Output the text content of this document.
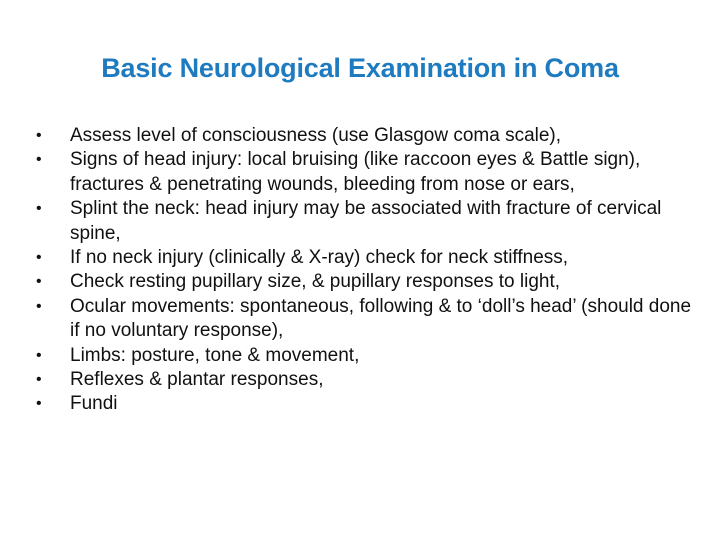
Basic Neurological Examination in Coma
•	Assess level of consciousness (use Glasgow coma scale),
•	Signs of head injury: local bruising (like raccoon eyes & Battle sign), fractures & penetrating wounds, bleeding from nose or ears,
•	Splint the neck: head injury may be associated with fracture of cervical spine,
•	If no neck injury (clinically & X-ray) check for neck stiffness,
•	Check resting pupillary size, & pupillary responses to light,
•	Ocular movements: spontaneous, following & to ‘doll’s head’ (should done if no voluntary response),
•	Limbs: posture, tone & movement,
•	Reflexes & plantar responses,
•	Fundi
